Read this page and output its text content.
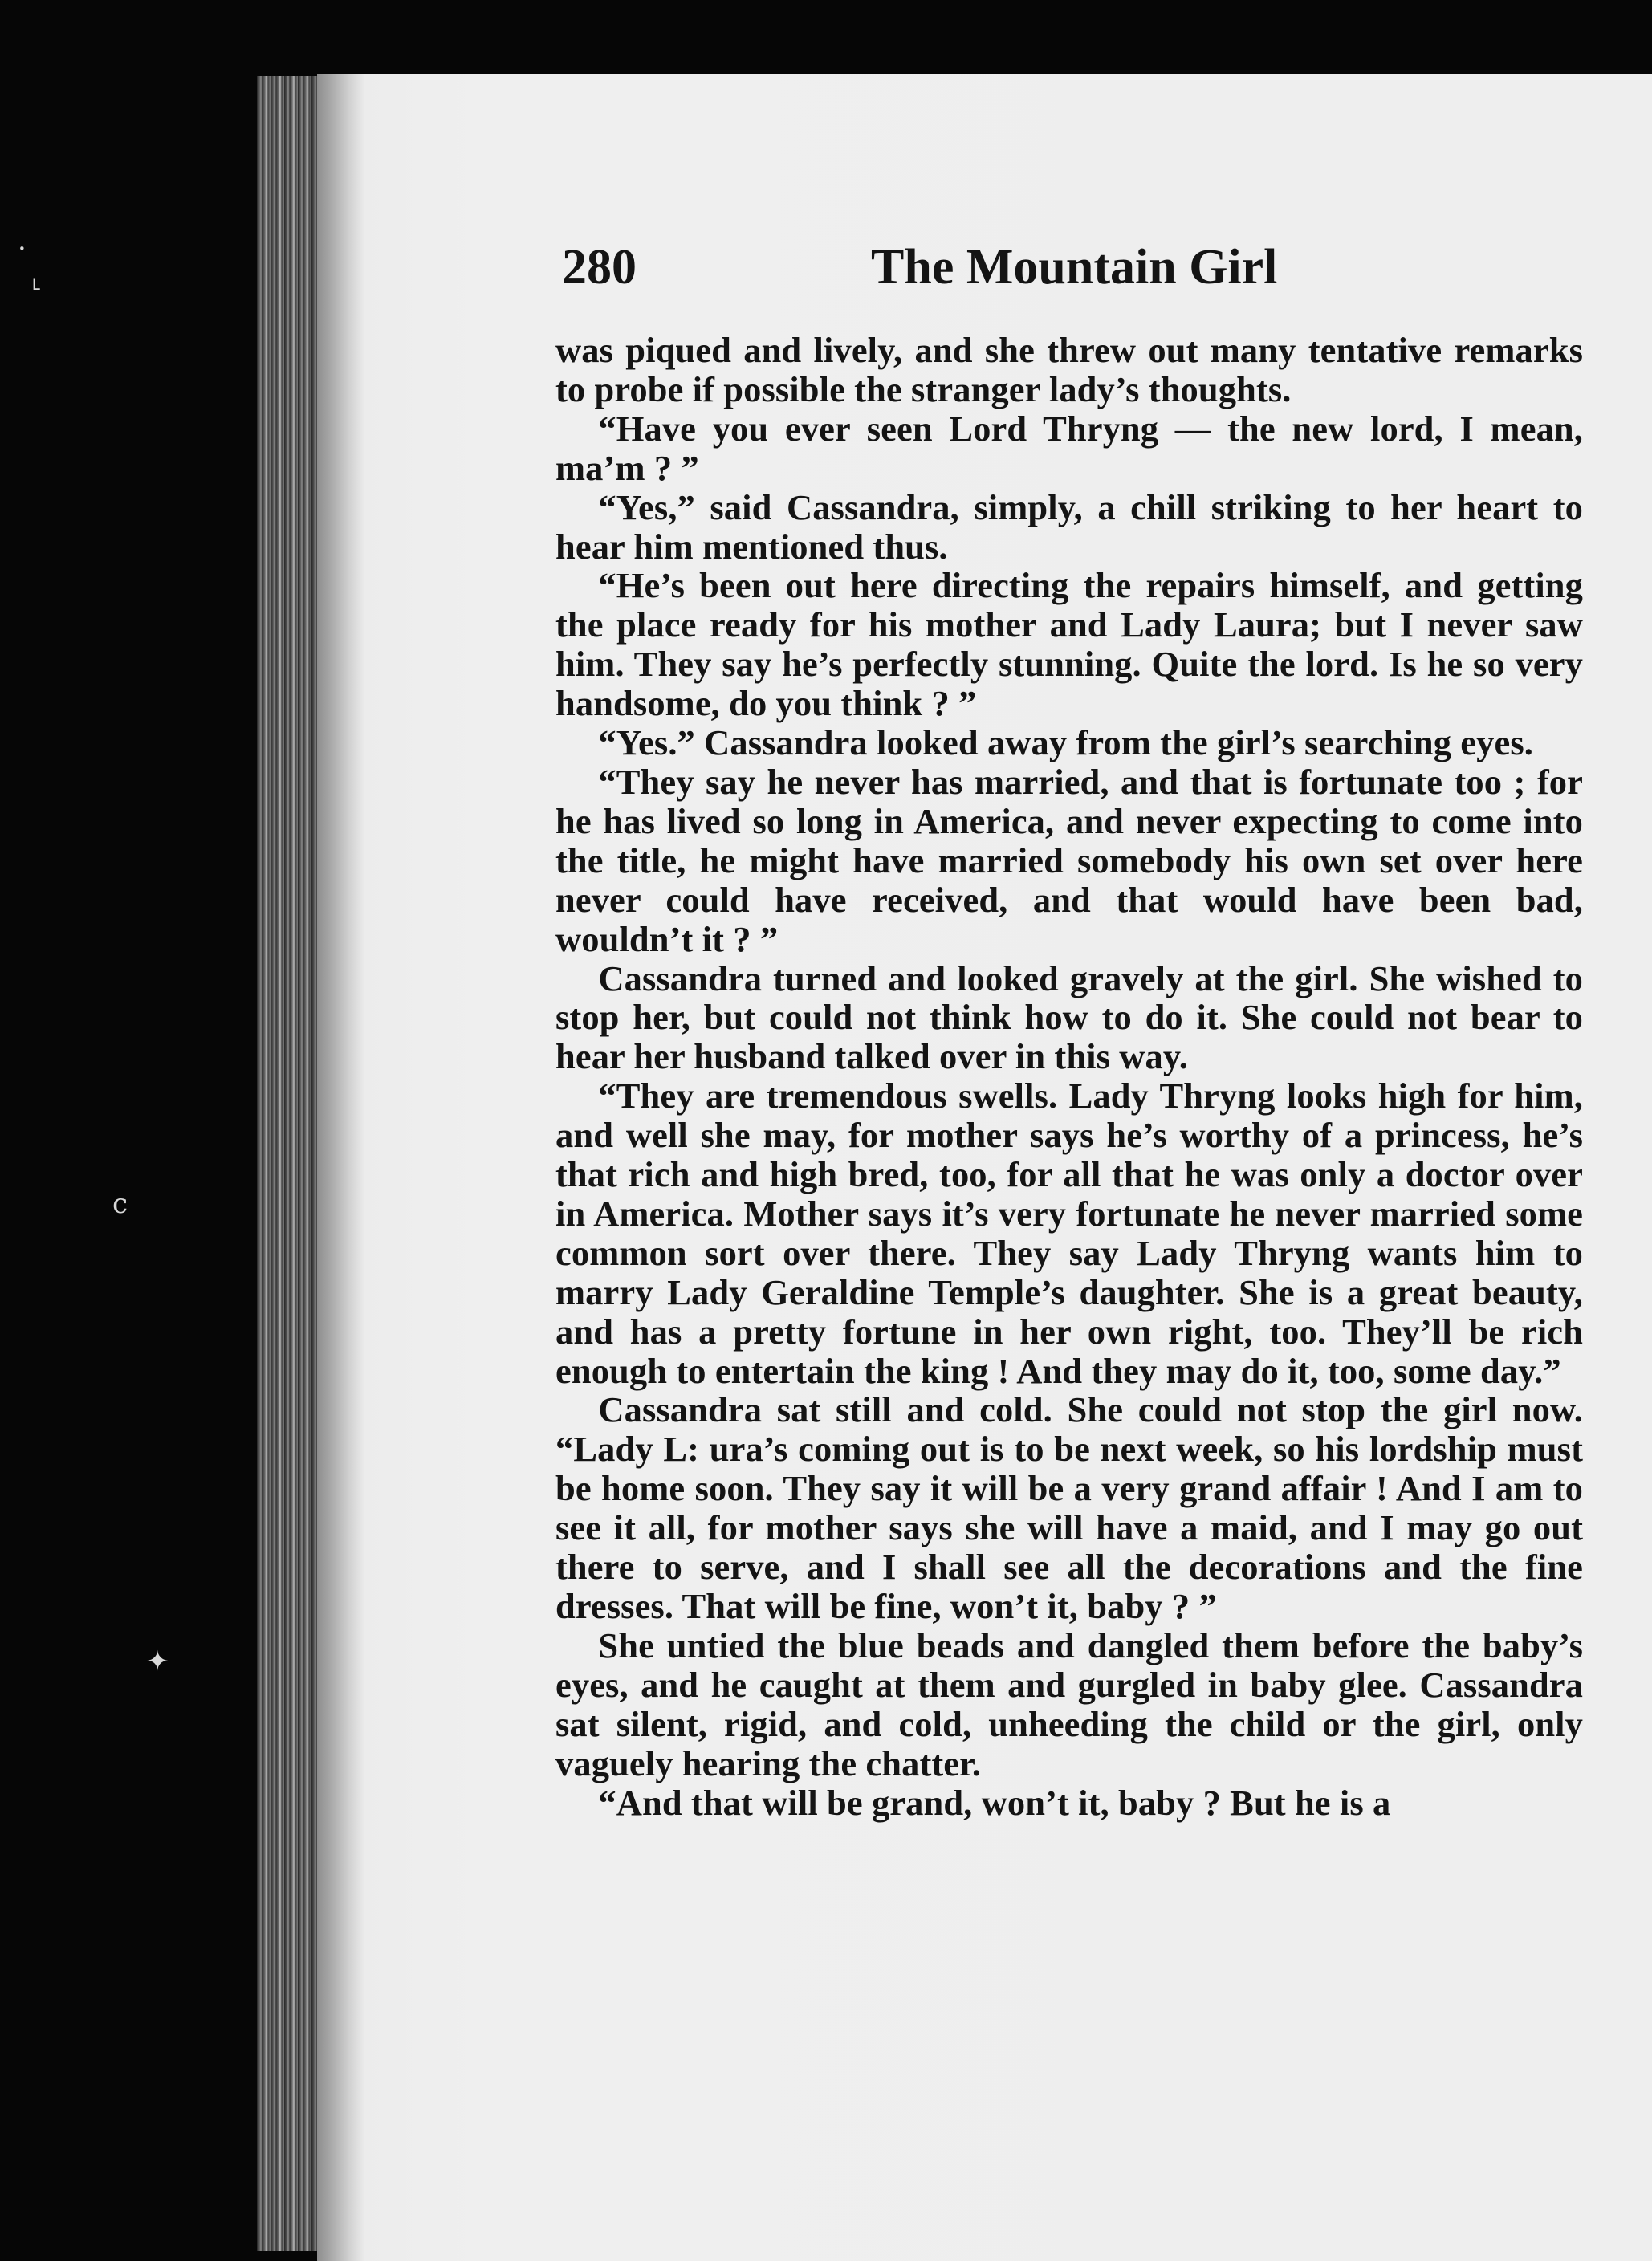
·
˪
c
✦
280	The Mountain Girl

was piqued and lively, and she threw out many tentative remarks to probe if possible the stranger lady’s thoughts.

“Have you ever seen Lord Thryng — the new lord, I mean, ma’m ? ”

“Yes,” said Cassandra, simply, a chill striking to her heart to hear him mentioned thus.

“He’s been out here directing the repairs himself, and getting the place ready for his mother and Lady Laura; but I never saw him. They say he’s perfectly stunning. Quite the lord. Is he so very handsome, do you think ? ”

“Yes.” Cassandra looked away from the girl’s searching eyes.

“They say he never has married, and that is fortunate too ; for he has lived so long in America, and never expecting to come into the title, he might have married somebody his own set over here never could have received, and that would have been bad, wouldn’t it ? ”

Cassandra turned and looked gravely at the girl. She wished to stop her, but could not think how to do it. She could not bear to hear her husband talked over in this way.

“They are tremendous swells. Lady Thryng looks high for him, and well she may, for mother says he’s worthy of a princess, he’s that rich and high bred, too, for all that he was only a doctor over in America. Mother says it’s very fortunate he never married some common sort over there. They say Lady Thryng wants him to marry Lady Geraldine Temple’s daughter. She is a great beauty, and has a pretty fortune in her own right, too. They’ll be rich enough to entertain the king ! And they may do it, too, some day.”

Cassandra sat still and cold. She could not stop the girl now. “Lady L: ura’s coming out is to be next week, so his lordship must be home soon. They say it will be a very grand affair ! And I am to see it all, for mother says she will have a maid, and I may go out there to serve, and I shall see all the decorations and the fine dresses. That will be fine, won’t it, baby ? ”

She untied the blue beads and dangled them before the baby’s eyes, and he caught at them and gurgled in baby glee. Cassandra sat silent, rigid, and cold, unheeding the child or the girl, only vaguely hearing the chatter.

“And that will be grand, won’t it, baby ? But he is a
